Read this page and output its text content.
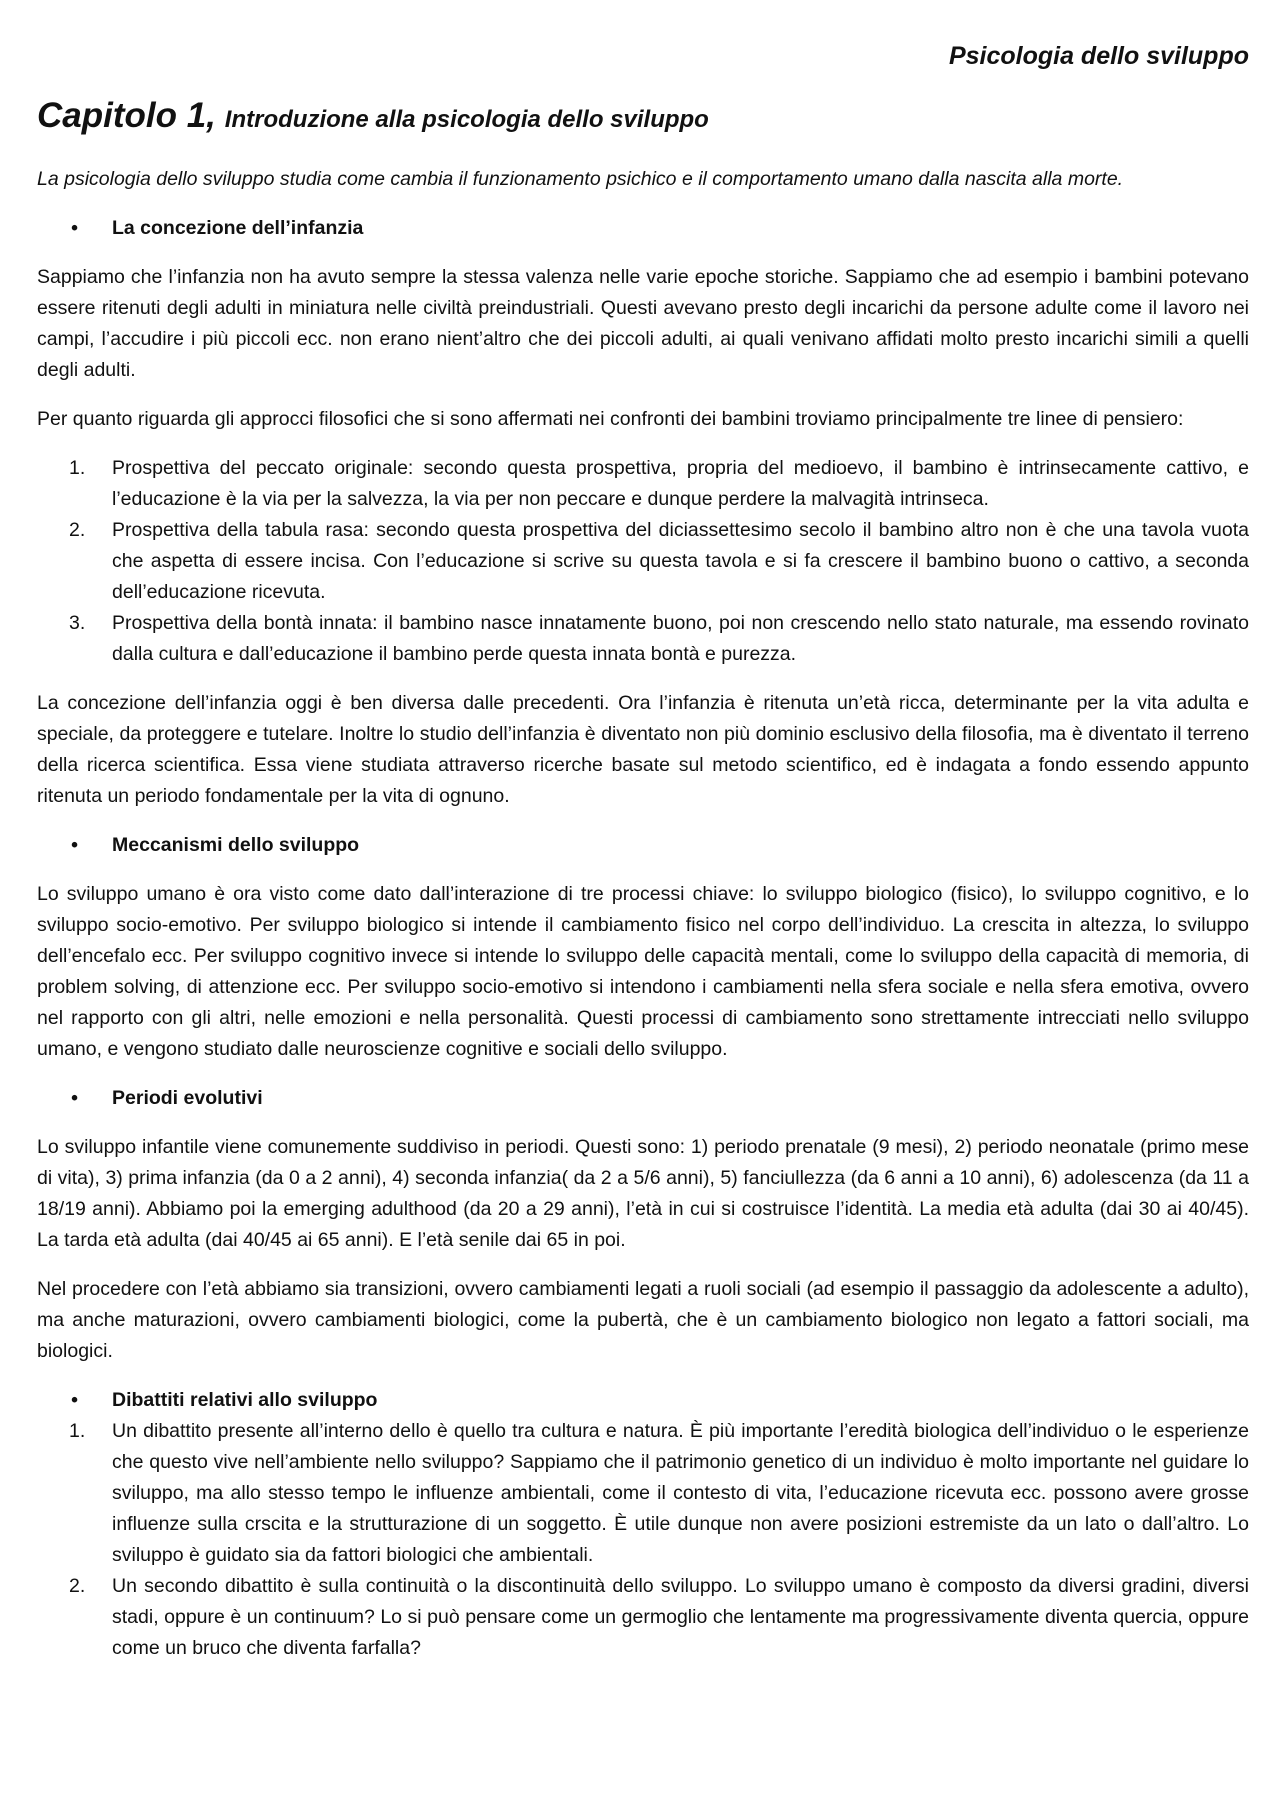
Psicologia dello sviluppo
Capitolo 1, Introduzione alla psicologia dello sviluppo

La psicologia dello sviluppo studia come cambia il funzionamento psichico e il comportamento umano dalla nascita alla morte.

•	La concezione dell’infanzia

Sappiamo che l’infanzia non ha avuto sempre la stessa valenza nelle varie epoche storiche. Sappiamo che ad esempio i bambini potevano essere ritenuti degli adulti in miniatura nelle civiltà preindustriali. Questi avevano presto degli incarichi da persone adulte come il lavoro nei campi, l’accudire i più piccoli ecc. non erano nient’altro che dei piccoli adulti, ai quali venivano affidati molto presto incarichi simili a quelli degli adulti.

Per quanto riguarda gli approcci filosofici che si sono affermati nei confronti dei bambini troviamo principalmente tre linee di pensiero:

1.	Prospettiva del peccato originale: secondo questa prospettiva, propria del medioevo, il bambino è intrinsecamente cattivo, e l’educazione è la via per la salvezza, la via per non peccare e dunque perdere la malvagità intrinseca.
2.	Prospettiva della tabula rasa: secondo questa prospettiva del diciassettesimo secolo il bambino altro non è che una tavola vuota che aspetta di essere incisa. Con l’educazione si scrive su questa tavola e si fa crescere il bambino buono o cattivo, a seconda dell’educazione ricevuta.
3.	Prospettiva della bontà innata: il bambino nasce innatamente buono, poi non crescendo nello stato naturale, ma essendo rovinato dalla cultura e dall’educazione il bambino perde questa innata bontà e purezza.

La concezione dell’infanzia oggi è ben diversa dalle precedenti. Ora l’infanzia è ritenuta un’età ricca, determinante per la vita adulta e speciale, da proteggere e tutelare. Inoltre lo studio dell’infanzia è diventato non più dominio esclusivo della filosofia, ma è diventato il terreno della ricerca scientifica. Essa viene studiata attraverso ricerche basate sul metodo scientifico, ed è indagata a fondo essendo appunto ritenuta un periodo fondamentale per la vita di ognuno.

•	Meccanismi dello sviluppo

Lo sviluppo umano è ora visto come dato dall’interazione di tre processi chiave: lo sviluppo biologico (fisico), lo sviluppo cognitivo, e lo sviluppo socio-emotivo. Per sviluppo biologico si intende il cambiamento fisico nel corpo dell’individuo. La crescita in altezza, lo sviluppo dell’encefalo ecc. Per sviluppo cognitivo invece si intende lo sviluppo delle capacità mentali, come lo sviluppo della capacità di memoria, di problem solving, di attenzione ecc. Per sviluppo socio-emotivo si intendono i cambiamenti nella sfera sociale e nella sfera emotiva, ovvero nel rapporto con gli altri, nelle emozioni e nella personalità. Questi processi di cambiamento sono strettamente intrecciati nello sviluppo umano, e vengono studiato dalle neuroscienze cognitive e sociali dello sviluppo.

•	Periodi evolutivi

Lo sviluppo infantile viene comunemente suddiviso in periodi. Questi sono: 1) periodo prenatale (9 mesi), 2) periodo neonatale (primo mese di vita), 3) prima infanzia (da 0 a 2 anni), 4) seconda infanzia( da 2 a 5/6 anni), 5) fanciullezza (da 6 anni a 10 anni), 6) adolescenza (da 11 a 18/19 anni). Abbiamo poi la emerging adulthood (da 20 a 29 anni), l’età in cui si costruisce l’identità. La media età adulta (dai 30 ai 40/45). La tarda età adulta (dai 40/45 ai 65 anni). E l’età senile dai 65 in poi.

Nel procedere con l’età abbiamo sia transizioni, ovvero cambiamenti legati a ruoli sociali (ad esempio il passaggio da adolescente a adulto), ma anche maturazioni, ovvero cambiamenti biologici, come la pubertà, che è un cambiamento biologico non legato a fattori sociali, ma biologici.

•	Dibattiti relativi allo sviluppo
1.	Un dibattito presente all’interno dello è quello tra cultura e natura. È più importante l’eredità biologica dell’individuo o le esperienze che questo vive nell’ambiente nello sviluppo? Sappiamo che il patrimonio genetico di un individuo è molto importante nel guidare lo sviluppo, ma allo stesso tempo le influenze ambientali, come il contesto di vita, l’educazione ricevuta ecc. possono avere grosse influenze sulla crscita e la strutturazione di un soggetto. È utile dunque non avere posizioni estremiste da un lato o dall’altro. Lo sviluppo è guidato sia da fattori biologici che ambientali.
2.	Un secondo dibattito è sulla continuità o la discontinuità dello sviluppo. Lo sviluppo umano è composto da diversi gradini, diversi stadi, oppure è un continuum? Lo si può pensare come un germoglio che lentamente ma progressivamente diventa quercia, oppure come un bruco che diventa farfalla?
